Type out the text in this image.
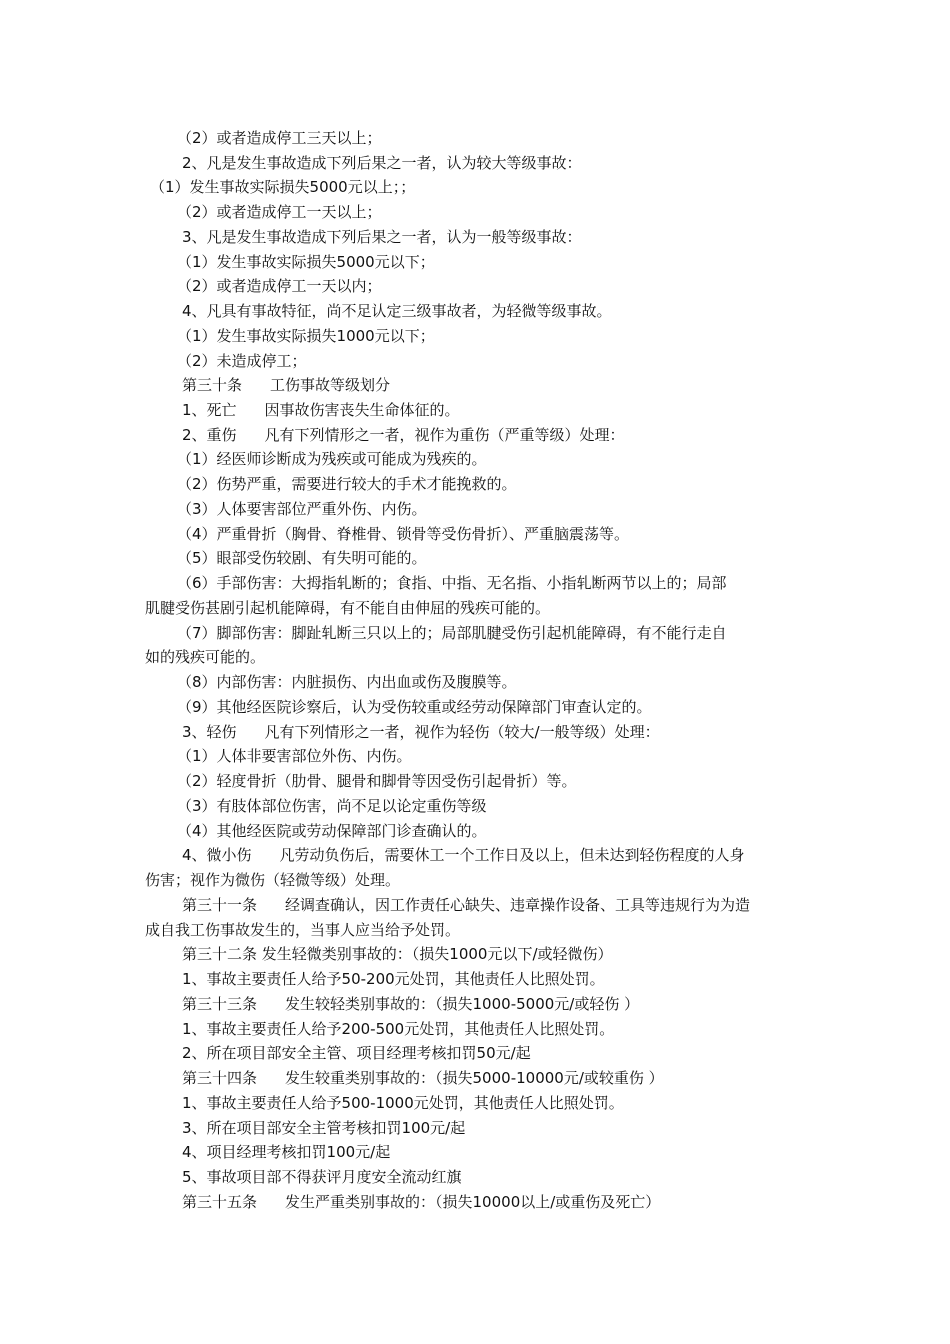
（2）或者造成停工三天以上；
2、凡是发生事故造成下列后果之一者，认为较大等级事故：
（1）发生事故实际损失5000元以上；；
（2）或者造成停工一天以上；
3、凡是发生事故造成下列后果之一者，认为一般等级事故：
（1）发生事故实际损失5000元以下；
（2）或者造成停工一天以内；
4、凡具有事故特征，尚不足认定三级事故者，为轻微等级事故。
（1）发生事故实际损失1000元以下；
（2）未造成停工；
第三十条 工伤事故等级划分
1、死亡 因事故伤害丧失生命体征的。
2、重伤 凡有下列情形之一者，视作为重伤（严重等级）处理：
（1）经医师诊断成为残疾或可能成为残疾的。
（2）伤势严重，需要进行较大的手术才能挽救的。
（3）人体要害部位严重外伤、内伤。
（4）严重骨折（胸骨、脊椎骨、锁骨等受伤骨折）、严重脑震荡等。
（5）眼部受伤较剧、有失明可能的。
（6）手部伤害：大拇指轧断的；食指、中指、无名指、小指轧断两节以上的；局部
肌腱受伤甚剧引起机能障碍，有不能自由伸屈的残疾可能的。
（7）脚部伤害：脚趾轧断三只以上的；局部肌腱受伤引起机能障碍，有不能行走自
如的残疾可能的。
（8）内部伤害：内脏损伤、内出血或伤及腹膜等。
（9）其他经医院诊察后，认为受伤较重或经劳动保障部门审查认定的。
3、轻伤 凡有下列情形之一者，视作为轻伤（较大/一般等级）处理：
（1）人体非要害部位外伤、内伤。
（2）轻度骨折（肋骨、腿骨和脚骨等因受伤引起骨折）等。
（3）有肢体部位伤害，尚不足以论定重伤等级
（4）其他经医院或劳动保障部门诊查确认的。
4、微小伤 凡劳动负伤后，需要休工一个工作日及以上，但未达到轻伤程度的人身
伤害；视作为微伤（轻微等级）处理。
第三十一条 经调查确认，因工作责任心缺失、违章操作设备、工具等违规行为为造
成自我工伤事故发生的，当事人应当给予处罚。
第三十二条 发生轻微类别事故的：（损失1000元以下/或轻微伤）
1、事故主要责任人给予50-200元处罚，其他责任人比照处罚。
第三十三条 发生较轻类别事故的：（损失1000-5000元/或轻伤 ）
1、事故主要责任人给予200-500元处罚，其他责任人比照处罚。
2、所在项目部安全主管、项目经理考核扣罚50元/起
第三十四条 发生较重类别事故的：（损失5000-10000元/或较重伤 ）
1、事故主要责任人给予500-1000元处罚，其他责任人比照处罚。
3、所在项目部安全主管考核扣罚100元/起
4、项目经理考核扣罚100元/起
5、事故项目部不得获评月度安全流动红旗
第三十五条 发生严重类别事故的：（损失10000以上/或重伤及死亡）
